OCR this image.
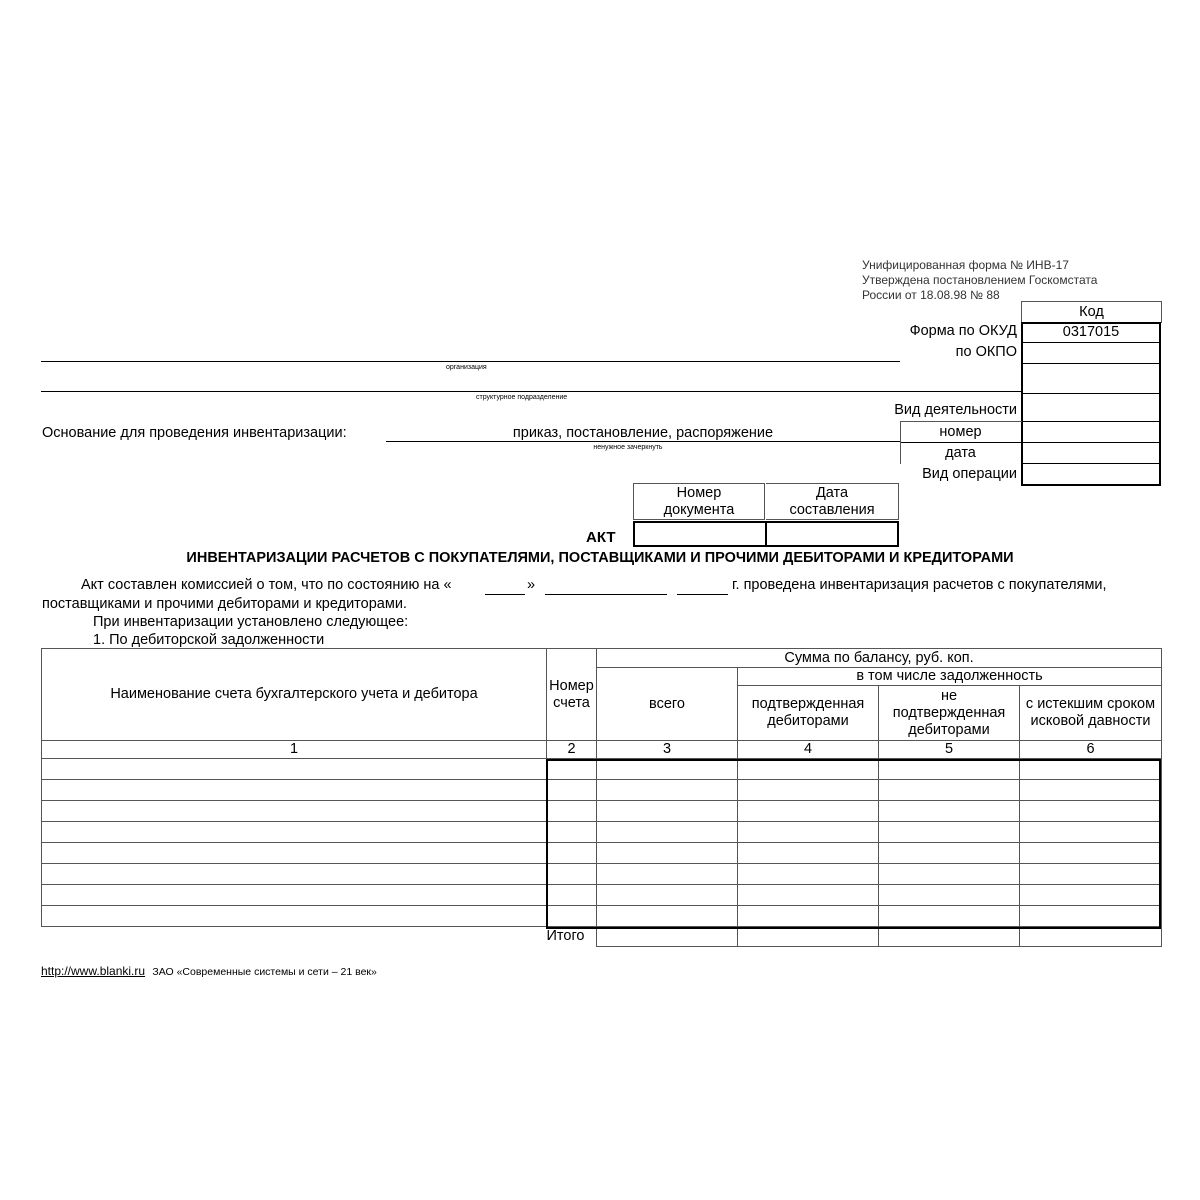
Унифицированная форма № ИНВ-17
Утверждена постановлением Госкомстата
России от 18.08.98 № 88
Код
0317015
Форма по ОКУД
по ОКПО
Вид деятельности
номер
дата
Вид операции
организация
структурное подразделение
Основание для проведения инвентаризации:	приказ, постановление, распоряжение
ненужное зачеркнуть
Номер документа
Дата составления
АКТ
ИНВЕНТАРИЗАЦИИ РАСЧЕТОВ С ПОКУПАТЕЛЯМИ, ПОСТАВЩИКАМИ И ПРОЧИМИ ДЕБИТОРАМИ И КРЕДИТОРАМИ
Акт составлен комиссией о том, что по состоянию на «	»	г. проведена инвентаризация расчетов с покупателями,
поставщиками и прочими дебиторами и кредиторами.
При инвентаризации установлено следующее:
1. По дебиторской задолженности
Наименование счета бухгалтерского учета и дебитора	Номер счета	Сумма по балансу, руб. коп.			
		всего	в том числе задолженность		
			подтвержденная дебиторами	не подтвержденная дебиторами	с истекшим сроком исковой давности
1	2	3	4	5	6

	Итого				
http://www.blanki.ru ЗАО «Современные системы и сети – 21 век»
